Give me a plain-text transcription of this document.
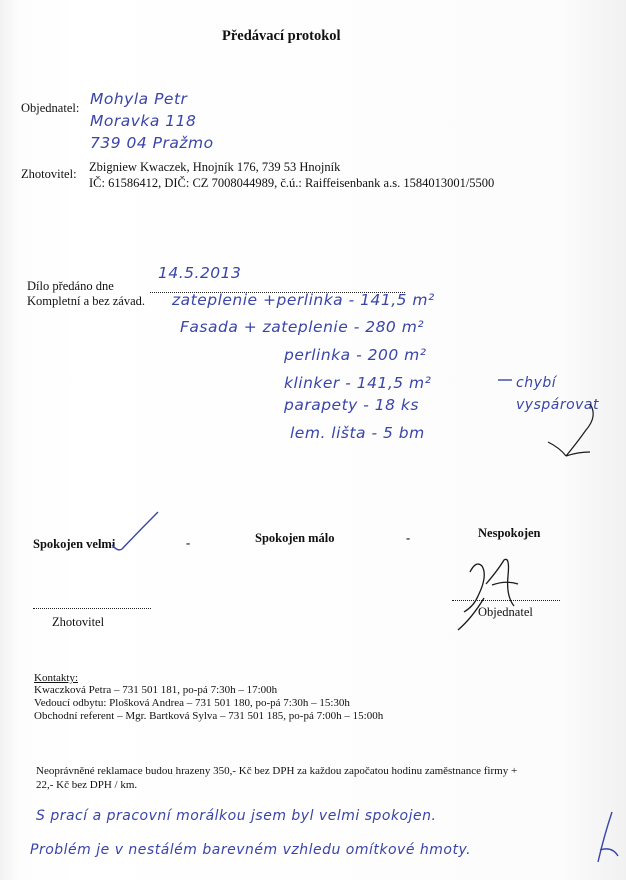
Předávací protokol
Objednatel: Mohyla Petr
Moravka 118
739 04 Pražmo
Zhotovitel: Zbigniew Kwaczek, Hnojník 176, 739 53 Hnojník
IČ: 61586412, DIČ: CZ 7008044989, č.ú.: Raiffeisenbank a.s. 1584013001/5500
Dílo předáno dne
14.5.2013
Kompletní a bez závad. zateplenie +perlinka - 141,5 m²
Fasada + zateplenie - 280 m²
perlinka - 200 m²
klinker - 141,5 m²
parapety - 18 ks
lem. lišta - 5 bm
chybí vyspárovat
Spokojen velmi	-	Spokojen málo	-	Nespokojen
Zhotovitel
Objednatel
Kontakty:
Kwaczková Petra – 731 501 181, po-pá 7:30h – 17:00h
Vedoucí odbytu: Plošková Andrea – 731 501 180, po-pá 7:30h – 15:30h
Obchodní referent – Mgr. Bartková Sylva – 731 501 185, po-pá 7:00h – 15:00h
Neoprávněné reklamace budou hrazeny 350,- Kč bez DPH za každou započatou hodinu zaměstnance firmy +
22,- Kč bez DPH / km.
S prací a pracovní morálkou jsem byl velmi spokojen.
Problém je v nestálém barevném vzhledu omítkové hmoty.
